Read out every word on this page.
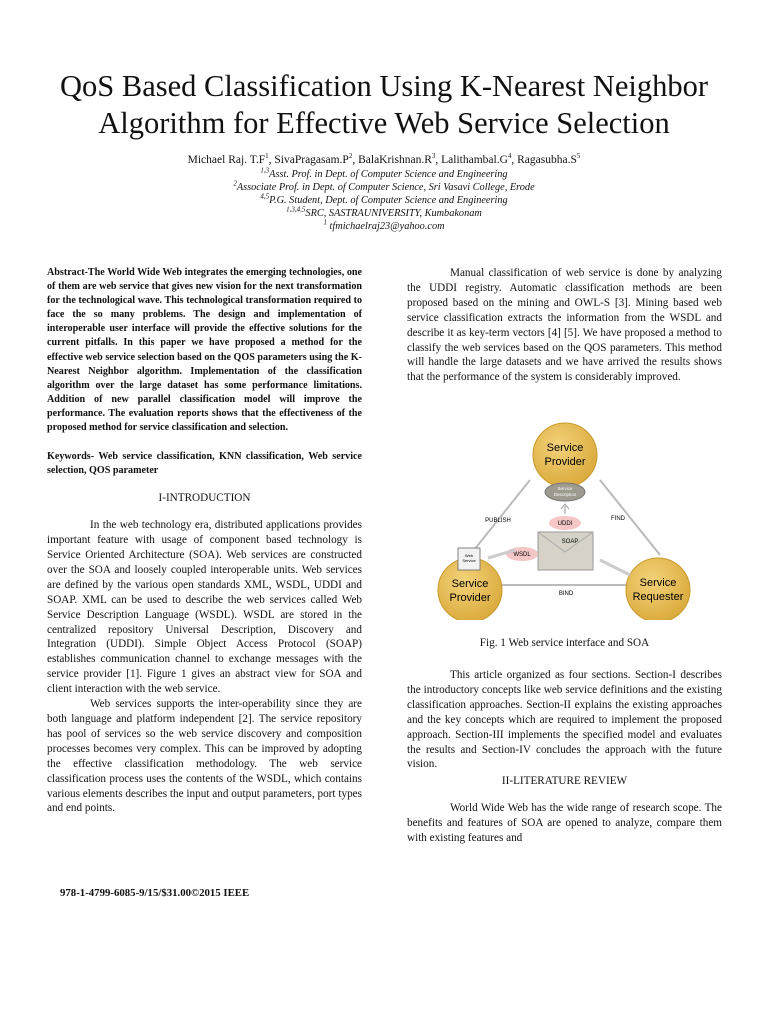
QoS Based Classification Using K-Nearest Neighbor
Algorithm for Effective Web Service Selection
Michael Raj. $T.F^1$, $SivaPragasam.P^2$, $BalaKrishnan.R^3$, $Lalithambal.G^4$, $Ragasubha.S^5$
$^{1,3}$Asst. Prof. in Dept. of Computer Science and Engineering
$^2$Associate Prof. in Dept. of Computer Science, Sri Vasavi College, Erode
$^{4,5}$P.G. Student, Dept. of Computer Science and Engineering
$^{1,3,4,5}$SRC, SASTRAUNIVERSITY, Kumbakonam
$^1$ tfmichaelraj23@yahoo.com

Abstract-The World Wide Web integrates the emerging technologies, one of them are web service that gives new vision for the next transformation for the technological wave. This technological transformation required to face the so many problems. The design and implementation of interoperable user interface will provide the effective solutions for the current pitfalls. In this paper we have proposed a method for the effective web service selection based on the QOS parameters using the K-Nearest Neighbor algorithm. Implementation of the classification algorithm over the large dataset has some performance limitations. Addition of new parallel classification model will improve the performance. The evaluation reports shows that the effectiveness of the proposed method for service classification and selection.

Keywords- Web service classification, KNN classification, Web service selection, QOS parameter

I-INTRODUCTION

In the web technology era, distributed applications provides important feature with usage of component based technology is Service Oriented Architecture (SOA). Web services are constructed over the SOA and loosely coupled interoperable units. Web services are defined by the various open standards XML, WSDL, UDDI and SOAP. XML can be used to describe the web services called Web Service Description Language (WSDL). WSDL are stored in the centralized repository Universal Description, Discovery and Integration (UDDI). Simple Object Access Protocol (SOAP) establishes communication channel to exchange messages with the service provider [1]. Figure 1 gives an abstract view for SOA and client interaction with the web service.

Web services supports the inter-operability since they are both language and platform independent [2]. The service repository has pool of services so the web service discovery and composition processes becomes very complex. This can be improved by adopting the effective classification methodology. The web service classification process uses the contents of the WSDL, which contains various elements describes the input and output parameters, port types and end points.

Manual classification of web service is done by analyzing the UDDI registry. Automatic classification methods are been proposed based on the mining and OWL-S [3]. Mining based web service classification extracts the information from the WSDL and describe it as key-term vectors [4] [5]. We have proposed a method to classify the web services based on the QOS parameters. This method will handle the large datasets and we have arrived the results shows that the performance of the system is considerably improved.

Service
Provider
Service
Provider
Service
Requester
Service
Description
UDDI
SOAP
WSDL
Web
Service
PUBLISH	FIND
BIND
Fig. 1 Web service interface and SOA

This article organized as four sections. Section-I describes the introductory concepts like web service definitions and the existing classification approaches. Section-II explains the existing approaches and the key concepts which are required to implement the proposed approach. Section-III implements the specified model and evaluates the results and Section-IV concludes the approach with the future vision.

II-LITERATURE REVIEW

World Wide Web has the wide range of research scope. The benefits and features of SOA are opened to analyze, compare them with existing features and

978-1-4799-6085-9/15/$31.00©2015 IEEE
